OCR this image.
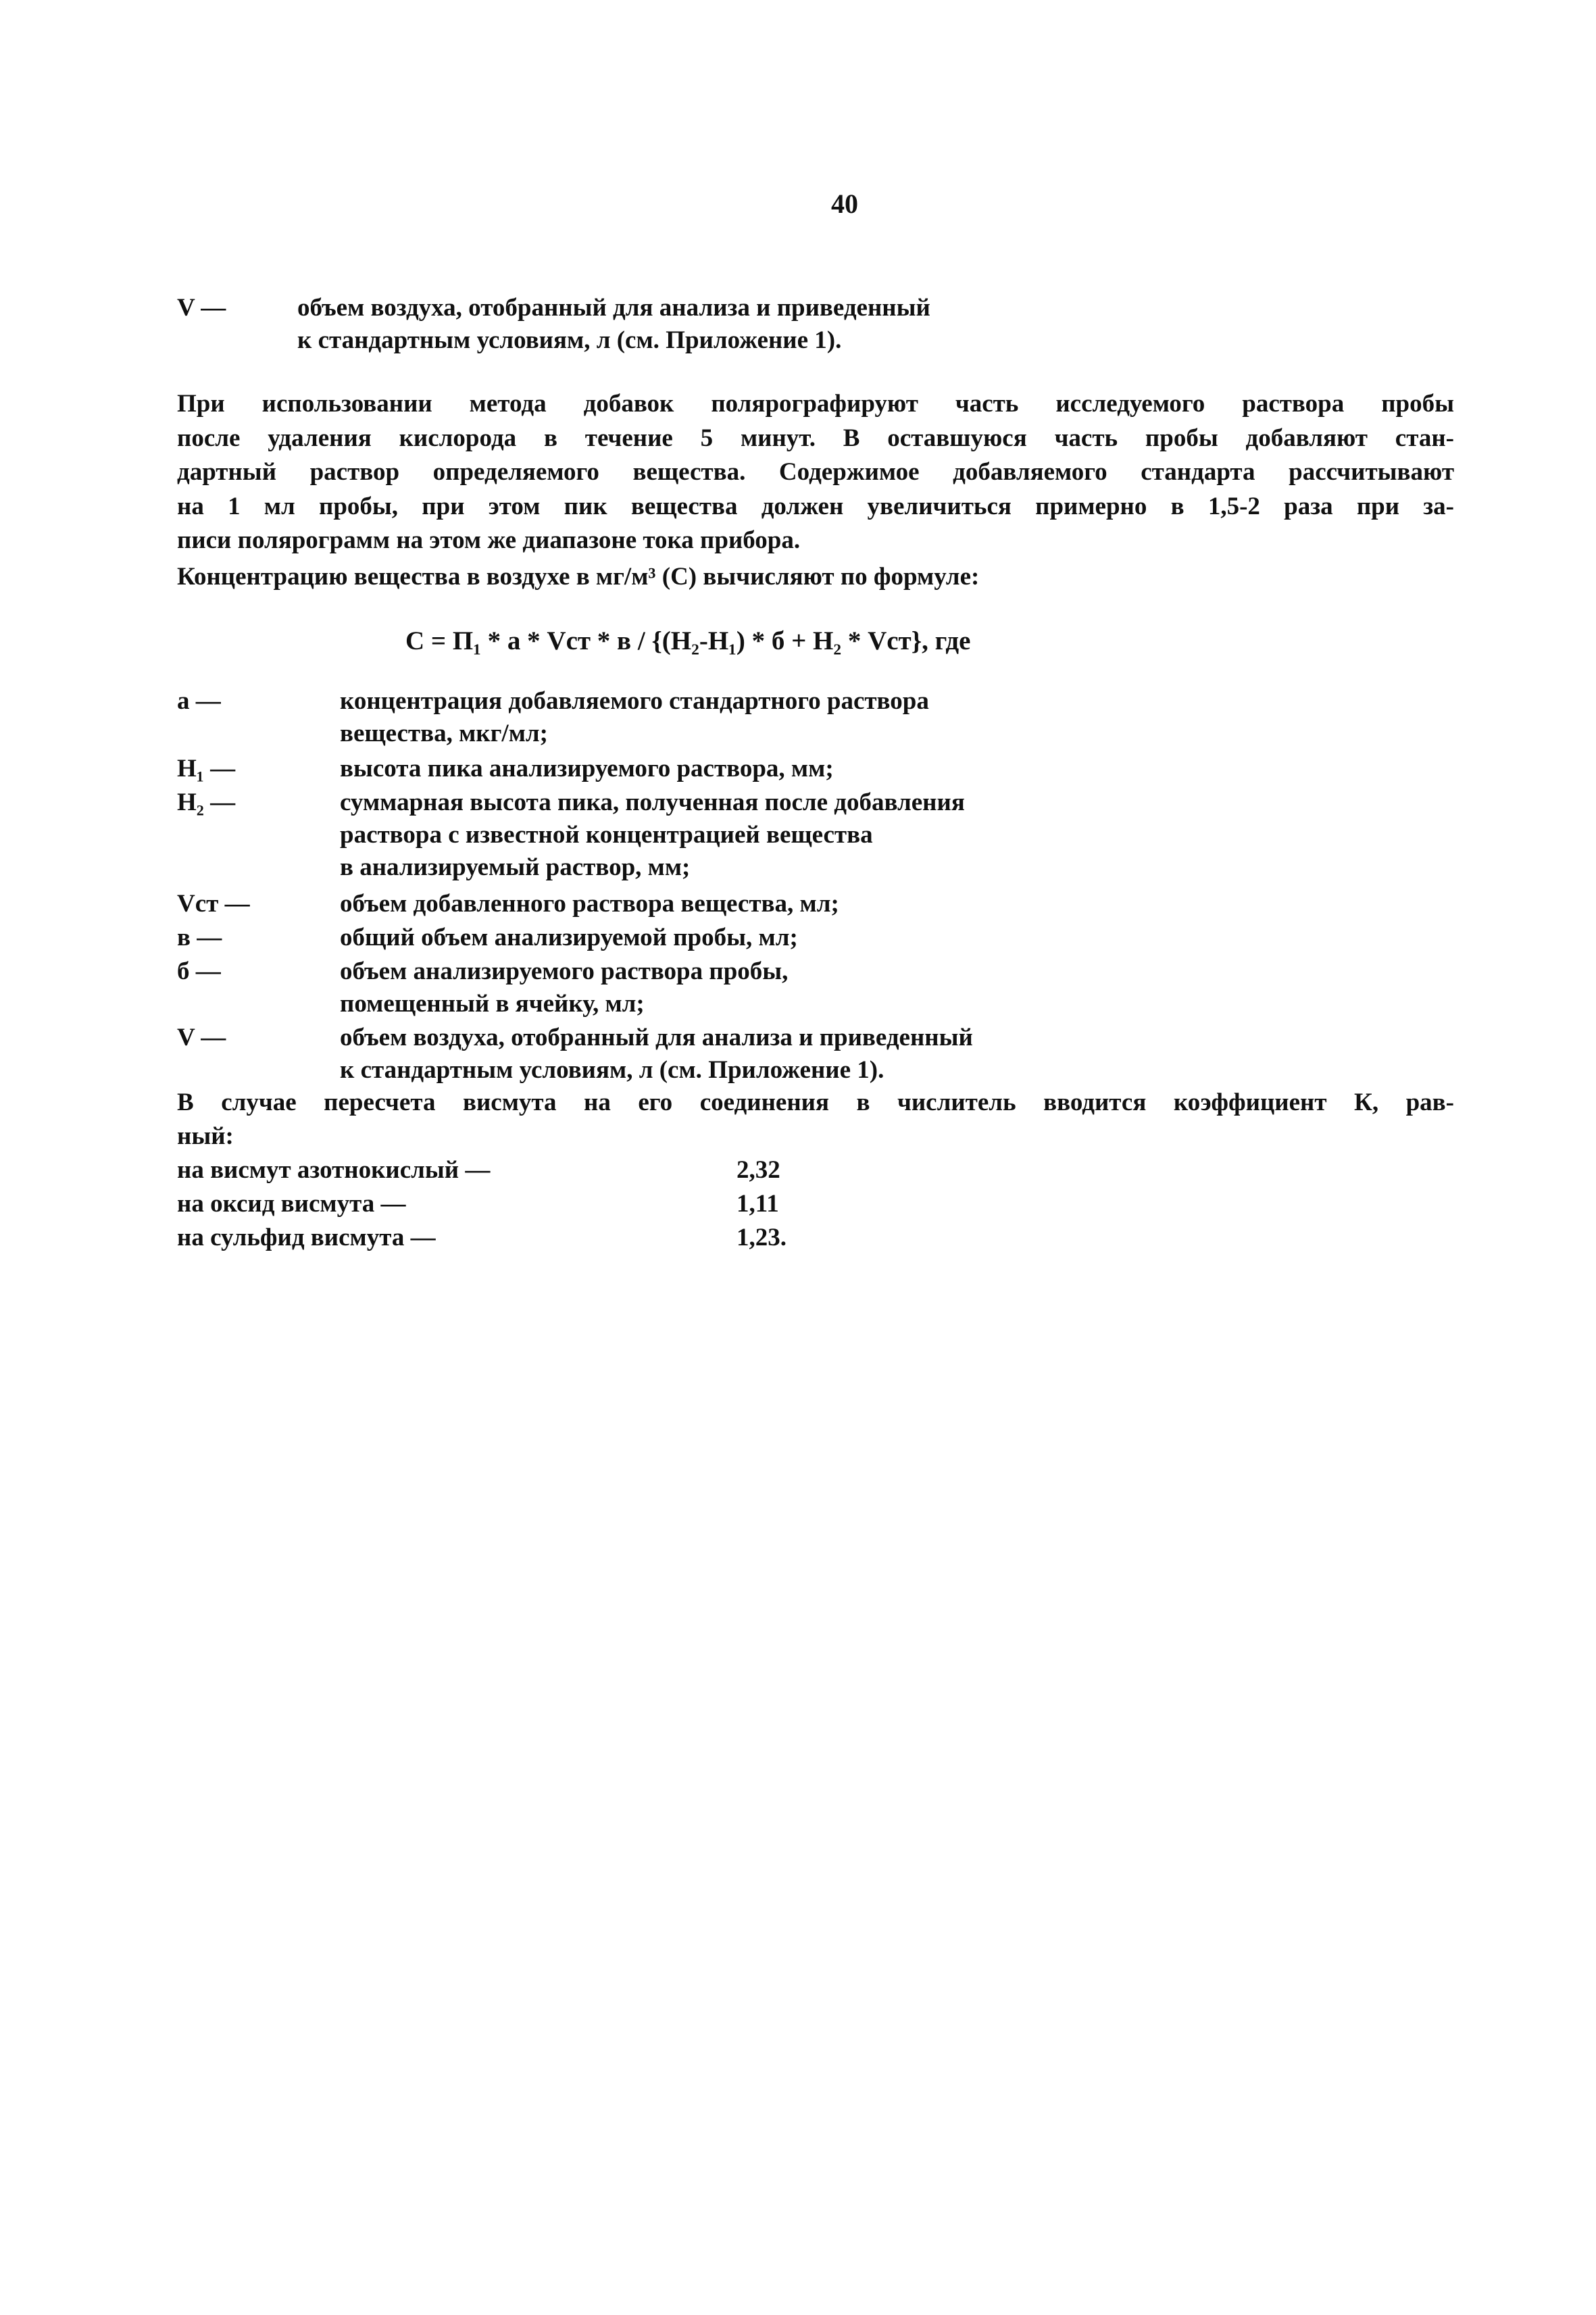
40
V —	объем воздуха, отобранный для анализа и приведенный
к стандартным условиям, л (см. Приложение 1).
При использовании метода добавок полярографируют часть исследуемого раствора пробы
после удаления кислорода в течение 5 минут. В оставшуюся часть пробы добавляют стан-
дартный раствор определяемого вещества. Содержимое добавляемого стандарта рассчитывают
на 1 мл пробы, при этом пик вещества должен увеличиться примерно в 1,5-2 раза при за-
писи полярограмм на этом же диапазоне тока прибора.
Концентрацию вещества в воздухе в мг/м³ (С) вычисляют по формуле:
С = П₁ * а * Vст * в / {(Н₂-Н₁) * б + Н₂ * Vст}, где
а —	концентрация добавляемого стандартного раствора
вещества, мкг/мл;
Н₁ —	высота пика анализируемого раствора, мм;
Н₂ —	суммарная высота пика, полученная после добавления
раствора с известной концентрацией вещества
в анализируемый раствор, мм;
Vст —	объем добавленного раствора вещества, мл;
в —	общий объем анализируемой пробы, мл;
б —	объем анализируемого раствора пробы,
помещенный в ячейку, мл;
V —	объем воздуха, отобранный для анализа и приведенный
к стандартным условиям, л (см. Приложение 1).
В случае пересчета висмута на его соединения в числитель вводится коэффициент К, рав-
ный:
на висмут азотнокислый —	2,32
на оксид висмута —	1,11
на сульфид висмута —	1,23.
